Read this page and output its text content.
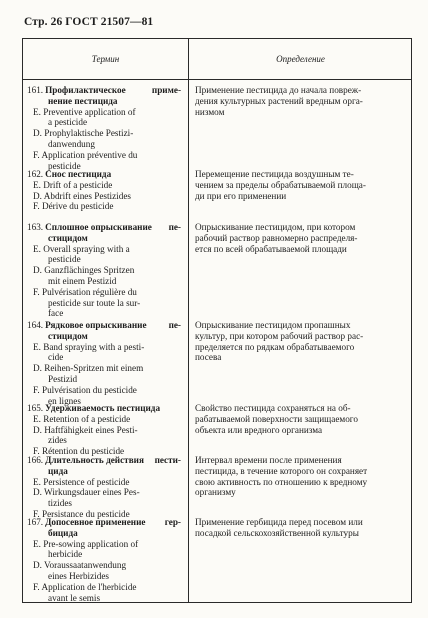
Стр. 26 ГОСТ 21507—81
Термин	Определение
161. Профилактическое	приме-
нение пестицида
E. Preventive application of
a pesticide
D. Prophylaktische Pestizi-
danwendung
F. Application préventive du
pesticide
Применение пестицида до начала повреж-
дения культурных растений вредным орга-
низмом
162. Снос пестицида
E. Drift of a pesticide
D. Abdrift eines Pestizides
F. Dérive du pesticide
Перемещение пестицида воздушным те-
чением за пределы обрабатываемой площа-
ди при его применении
163. Сплошное опрыскивание пе-
стицидом
E. Overall spraying with a
pesticide
D. Ganzflächinges Spritzen
mit einem Pestizid
F. Pulvérisation régulière du
pesticide sur toute la sur-
face
Опрыскивание пестицидом, при котором
рабочий раствор равномерно распределя-
ется по всей обрабатываемой площади
164. Рядковое опрыскивание пе-
стицидом
E. Band spraying with a pesti-
cide
D. Reihen-Spritzen mit einem
Pestizid
F. Pulvérisation du pesticide
en lignes
Опрыскивание пестицидом пропашных
культур, при котором рабочий раствор рас-
пределяется по рядкам обрабатываемого
посева
165. Удерживаемость пестицида
E. Retention of a pesticide
D. Haftfähigkeit eines Pesti-
zides
F. Rétention du pesticide
Свойство пестицида сохраняться на об-
рабатываемой поверхности защищаемого
объекта или вредного организма
166. Длительность действия пести-
цида
E. Persistence of pesticide
D. Wirkungsdauer eines Pes-
tizides
F. Persistance du pesticide
Интервал времени после применения
пестицида, в течение которого он сохраняет
свою активность по отношению к вредному
организму
167. Допосевное применение гер-
бицида
E. Pre-sowing application of
herbicide
D. Voraussaatanwendung
eines Herbizides
F. Application de l'herbicide
avant le semis
Применение гербицида перед посевом или
посадкой сельскохозяйственной культуры
